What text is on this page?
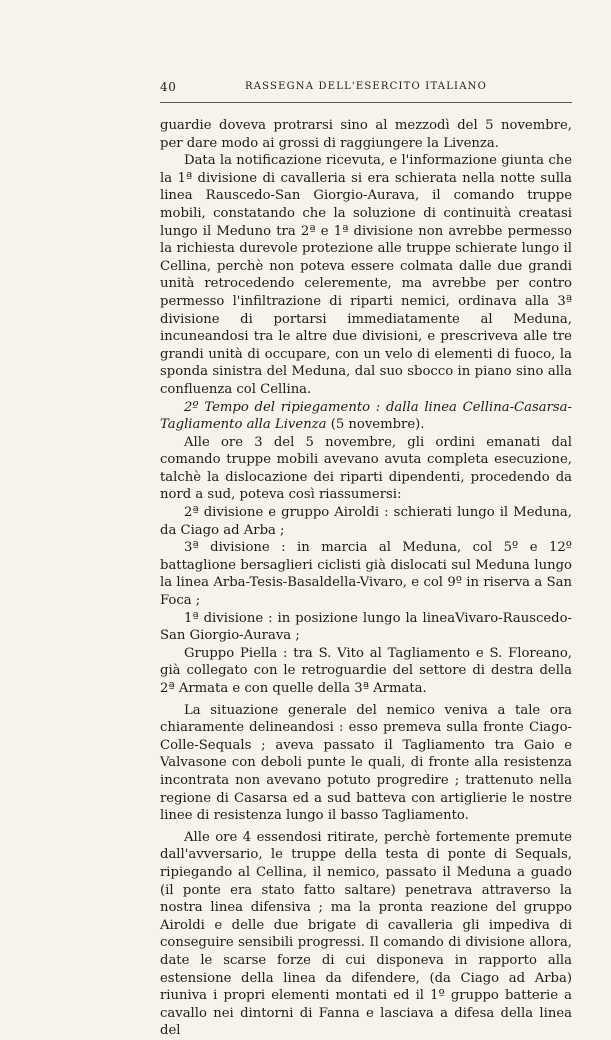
40	RASSEGNA DELL'ESERCITO ITALIANO

guardie doveva protrarsi sino al mezzodì del 5 novembre, per dare modo ai grossi di raggiungere la Livenza.

Data la notificazione ricevuta, e l'informazione giunta che la 1ª divisione di cavalleria si era schierata nella notte sulla linea Rauscedo-San Giorgio-Aurava, il comando truppe mobili, constatando che la soluzione di continuità creatasi lungo il Meduno tra 2ª e 1ª divisione non avrebbe permesso la richiesta durevole protezione alle truppe schierate lungo il Cellina, perchè non poteva essere colmata dalle due grandi unità retrocedendo celeremente, ma avrebbe per contro permesso l'infiltrazione di riparti nemici, ordinava alla 3ª divisione di portarsi immediatamente al Meduna, incuneandosi tra le altre due divisioni, e prescriveva alle tre grandi unità di occupare, con un velo di elementi di fuoco, la sponda sinistra del Meduna, dal suo sbocco in piano sino alla confluenza col Cellina.

2º Tempo del ripiegamento : dalla linea Cellina-Casarsa-Tagliamento alla Livenza (5 novembre).

Alle ore 3 del 5 novembre, gli ordini emanati dal comando truppe mobili avevano avuta completa esecuzione, talchè la dislocazione dei riparti dipendenti, procedendo da nord a sud, poteva così riassumersi:

2ª divisione e gruppo Airoldi : schierati lungo il Meduna, da Ciago ad Arba ;

3ª divisione : in marcia al Meduna, col 5º e 12º battaglione bersaglieri ciclisti già dislocati sul Meduna lungo la linea Arba-Tesis-Basaldella-Vivaro, e col 9º in riserva a San Foca ;

1ª divisione : in posizione lungo la lineaVivaro-Rauscedo-San Giorgio-Aurava ;

Gruppo Piella : tra S. Vito al Tagliamento e S. Floreano, già collegato con le retroguardie del settore di destra della 2ª Armata e con quelle della 3ª Armata.

La situazione generale del nemico veniva a tale ora chiaramente delineandosi : esso premeva sulla fronte Ciago-Colle-Sequals ; aveva passato il Tagliamento tra Gaio e Valvasone con deboli punte le quali, di fronte alla resistenza incontrata non avevano potuto progredire ; trattenuto nella regione di Casarsa ed a sud batteva con artiglierie le nostre linee di resistenza lungo il basso Tagliamento.

Alle ore 4 essendosi ritirate, perchè fortemente premute dall'avversario, le truppe della testa di ponte di Sequals, ripiegando al Cellina, il nemico, passato il Meduna a guado (il ponte era stato fatto saltare) penetrava attraverso la nostra linea difensiva ; ma la pronta reazione del gruppo Airoldi e delle due brigate di cavalleria gli impediva di conseguire sensibili progressi. Il comando di divisione allora, date le scarse forze di cui disponeva in rapporto alla estensione della linea da difendere, (da Ciago ad Arba) riuniva i propri elementi montati ed il 1º gruppo batterie a cavallo nei dintorni di Fanna e lasciava a difesa della linea del
